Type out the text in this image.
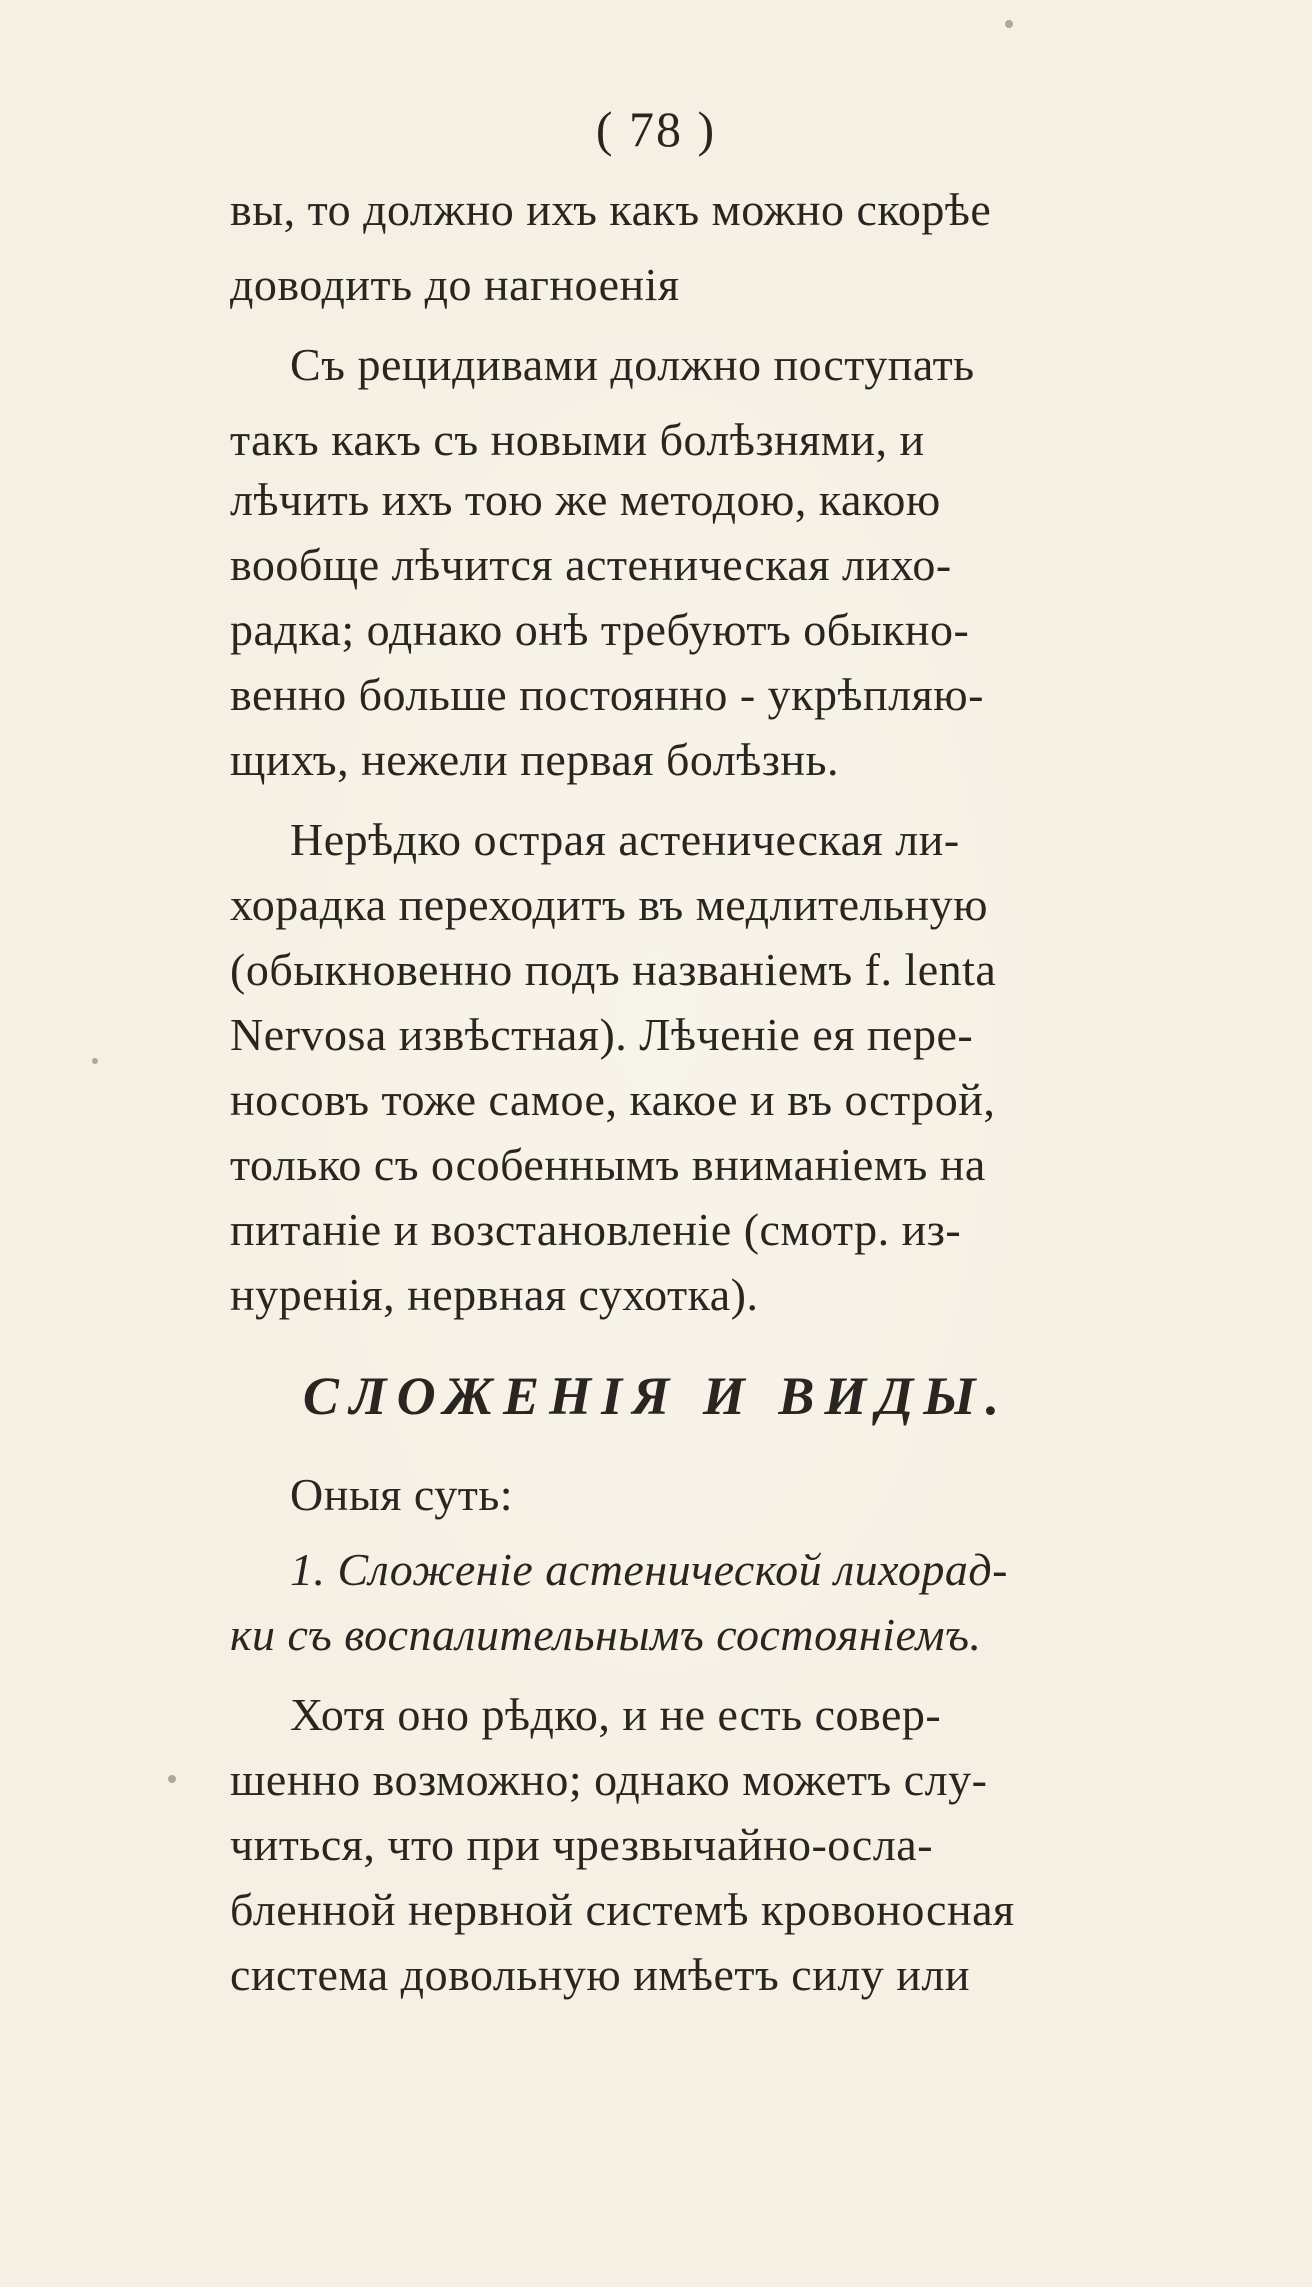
( 78 )
вы, то должно ихъ какъ можно скорѣе
доводить до нагноенія
Съ рецидивами должно поступать
такъ какъ съ новыми болѣзнями, и
лѣчить ихъ тою же методою, какою
вообще лѣчится астеническая лихо-
радка; однако онѣ требуютъ обыкно-
венно больше постоянно - укрѣпляю-
щихъ, нежели первая болѣзнь.
Нерѣдко острая астеническая ли-
хорадка переходитъ въ медлительную
(обыкновенно подъ названіемъ f. lenta
Nervosa извѣстная). Лѣченіе ея пере-
носовъ тоже самое, какое и въ острой,
только съ особеннымъ вниманіемъ на
питаніе и возстановленіе (смотр. из-
нуренія, нервная сухотка).
СЛОЖЕНІЯ И ВИДЫ.
Оныя суть:
1. Сложеніе астенической лихорад-
ки съ воспалительнымъ состояніемъ.
Хотя оно рѣдко, и не есть совер-
шенно возможно; однако можетъ слу-
читься, что при чрезвычайно-осла-
бленной нервной системѣ кровоносная
система довольную имѣетъ силу или
